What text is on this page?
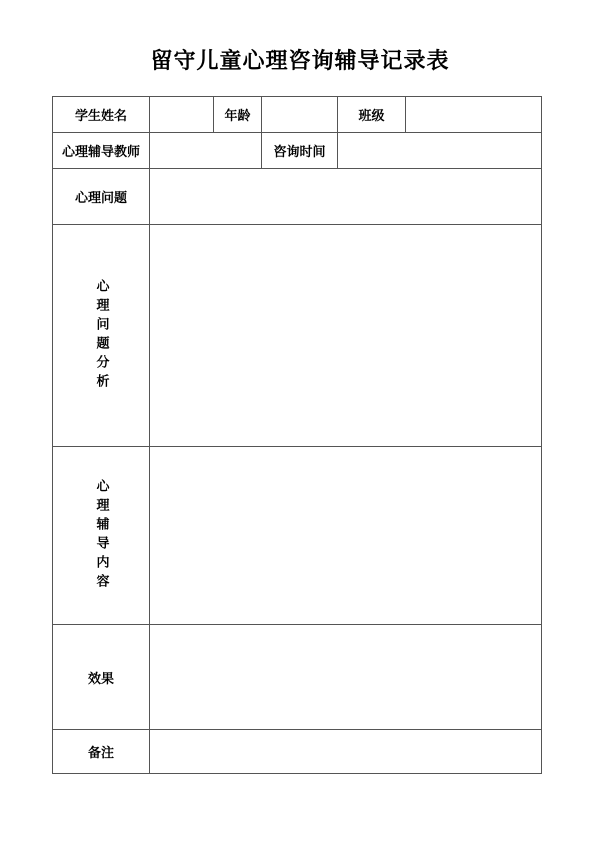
留守儿童心理咨询辅导记录表
学生姓名	年龄	班级
心理辅导教师	咨询时间
心理问题
心理问题分析
心理辅导内容
效果
备注
